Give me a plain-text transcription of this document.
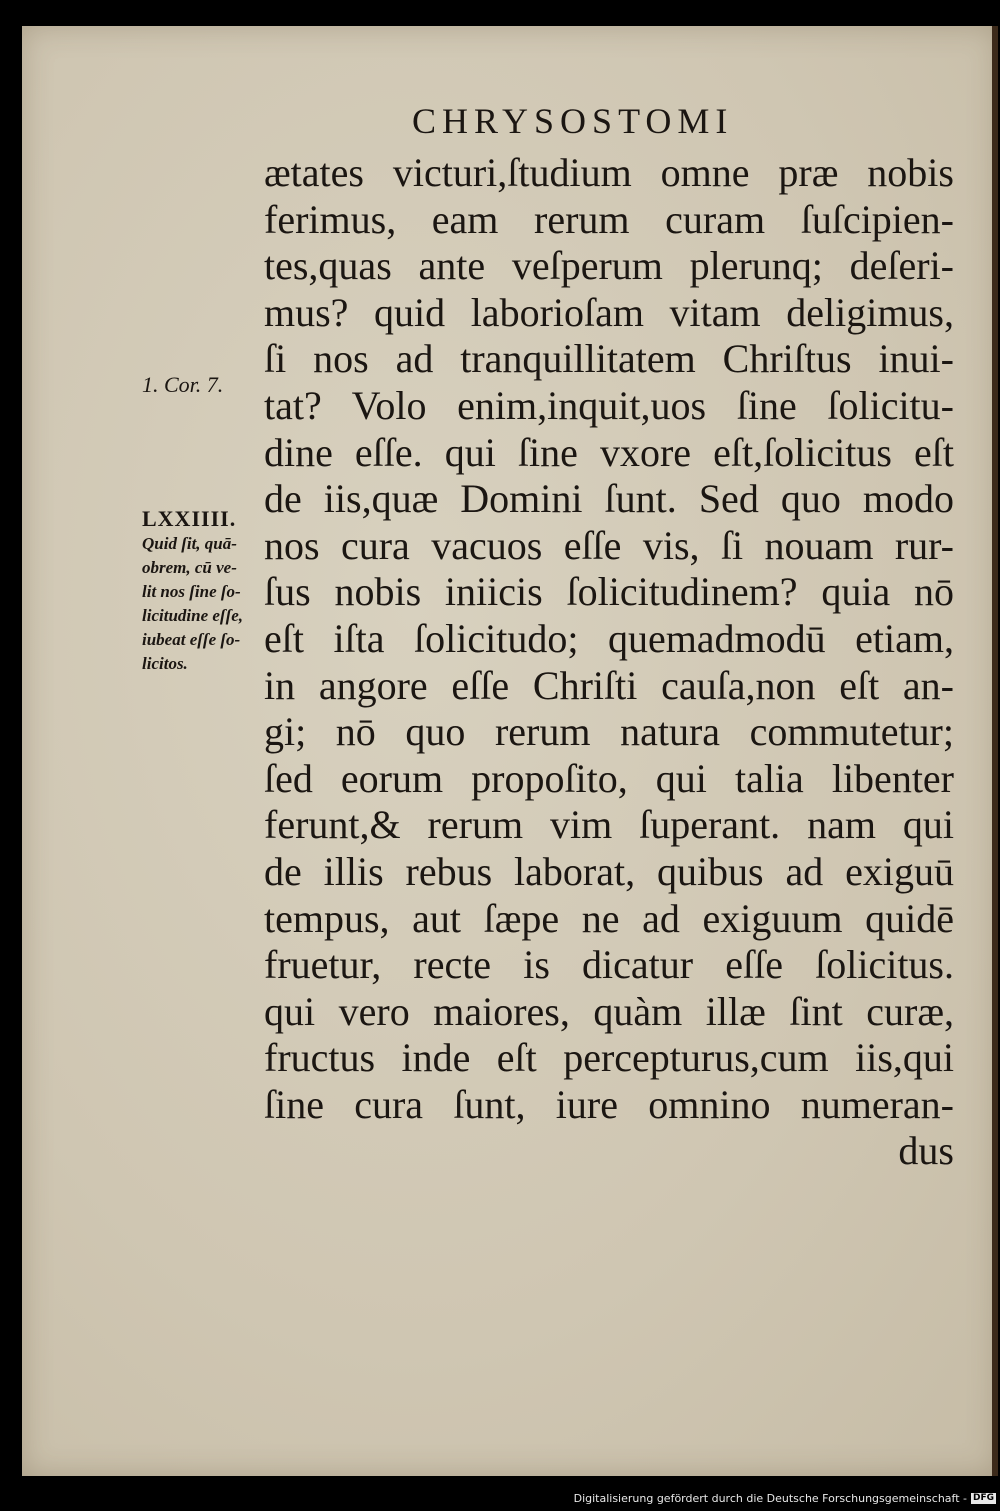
CHRYSOSTOMI
ætates victuri,ſtudium omne præ nobis
ferimus, eam rerum curam ſuſcipien-
tes,quas ante veſperum plerunq; deſeri-
mus? quid laborioſam vitam deligimus,
ſi nos ad tranquillitatem Chriſtus inui-
tat? Volo enim,inquit,uos ſine ſolicitu-
dine eſſe. qui ſine vxore eſt,ſolicitus eſt
de iis,quæ Domini ſunt. Sed quo modo
nos cura vacuos eſſe vis, ſi nouam rur-
ſus nobis iniicis ſolicitudinem? quia nō
eſt iſta ſolicitudo; quemadmodū etiam,
in angore eſſe Chriſti cauſa,non eſt an-
gi; nō quo rerum natura commutetur;
ſed eorum propoſito, qui talia libenter
ferunt,& rerum vim ſuperant. nam qui
de illis rebus laborat, quibus ad exiguū
tempus, aut ſæpe ne ad exiguum quidē
fruetur, recte is dicatur eſſe ſolicitus.
qui vero maiores, quàm illæ ſint curæ,
fructus inde eſt percepturus,cum iis,qui
ſine cura ſunt, iure omnino numeran-
dus
1. Cor. 7.
LXXIIII.
Quid ſit, quā-
obrem, cū ve-
lit nos ſine ſo-
licitudine eſſe,
iubeat eſſe ſo-
licitos.
Digitalisierung gefördert durch die Deutsche Forschungsgemeinschaft - DFG
